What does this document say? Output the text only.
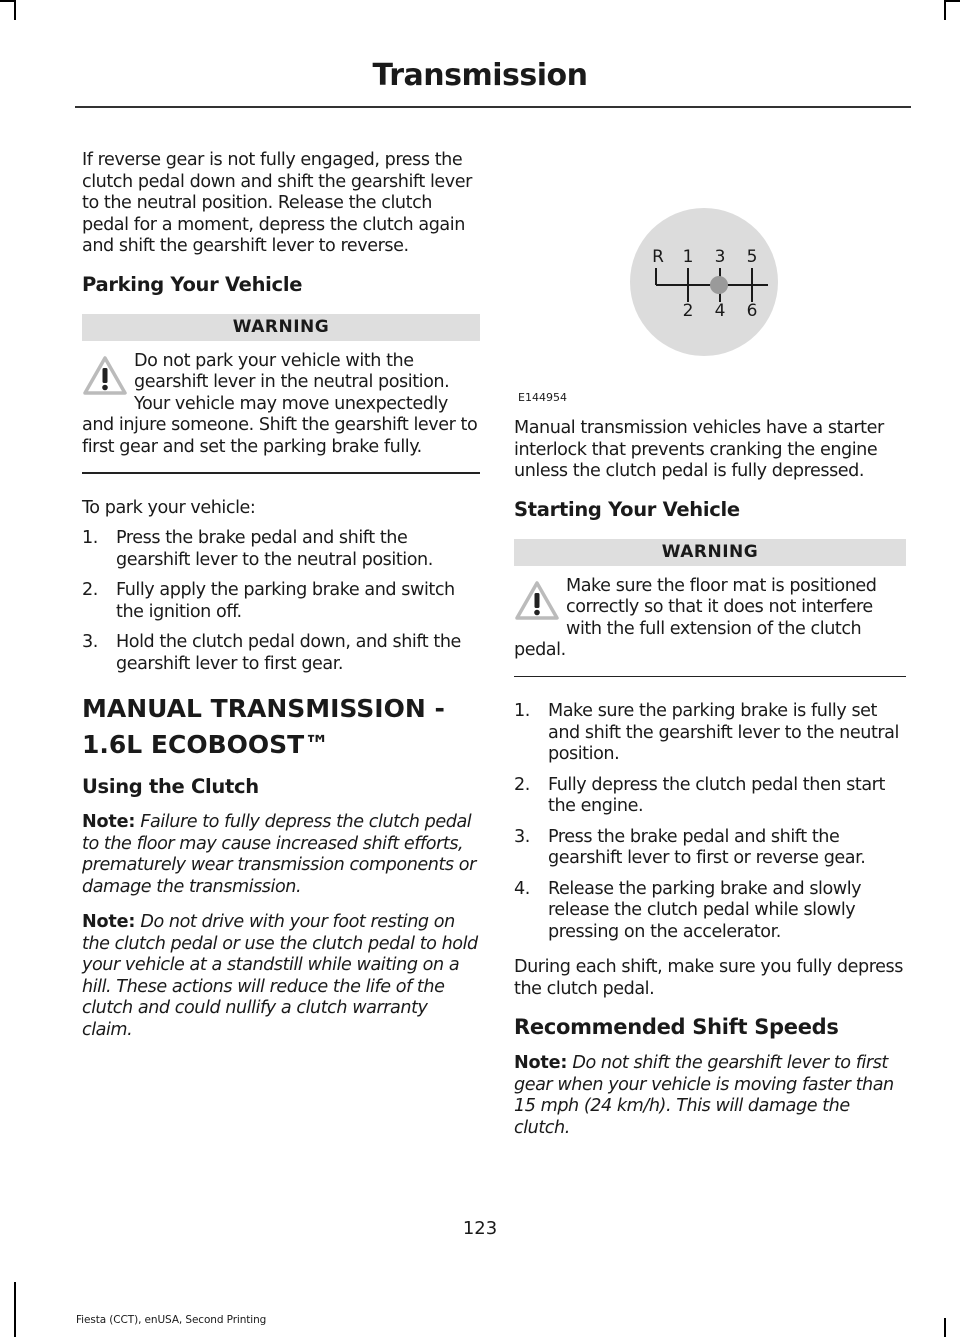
Transmission

If reverse gear is not fully engaged, press the clutch pedal down and shift the gearshift lever to the neutral position. Release the clutch pedal for a moment, depress the clutch again and shift the gearshift lever to reverse.

Parking Your Vehicle
WARNING
Do not park your vehicle with the gearshift lever in the neutral position. Your vehicle may move unexpectedly and injure someone. Shift the gearshift lever to first gear and set the parking brake fully.

To park your vehicle:

1. Press the brake pedal and shift the gearshift lever to the neutral position.
2. Fully apply the parking brake and switch the ignition off.
3. Hold the clutch pedal down, and shift the gearshift lever to first gear.
MANUAL TRANSMISSION -
1.6L ECOBOOST™
Using the Clutch

Note: Failure to fully depress the clutch pedal to the floor may cause increased shift efforts, prematurely wear transmission components or damage the transmission.

Note: Do not drive with your foot resting on the clutch pedal or use the clutch pedal to hold your vehicle at a standstill while waiting on a hill. These actions will reduce the life of the clutch and could nullify a clutch warranty claim.

R 1 3 5
2 4 6
E144954

Manual transmission vehicles have a starter interlock that prevents cranking the engine unless the clutch pedal is fully depressed.

Starting Your Vehicle
WARNING
Make sure the floor mat is positioned correctly so that it does not interfere with the full extension of the clutch pedal.
1. Make sure the parking brake is fully set and shift the gearshift lever to the neutral position.
2. Fully depress the clutch pedal then start the engine.
3. Press the brake pedal and shift the gearshift lever to first or reverse gear.
4. Release the parking brake and slowly release the clutch pedal while slowly pressing on the accelerator.

During each shift, make sure you fully depress the clutch pedal.

Recommended Shift Speeds

Note: Do not shift the gearshift lever to first gear when your vehicle is moving faster than 15 mph (24 km/h). This will damage the clutch.

123
Fiesta (CCT), enUSA, Second Printing
